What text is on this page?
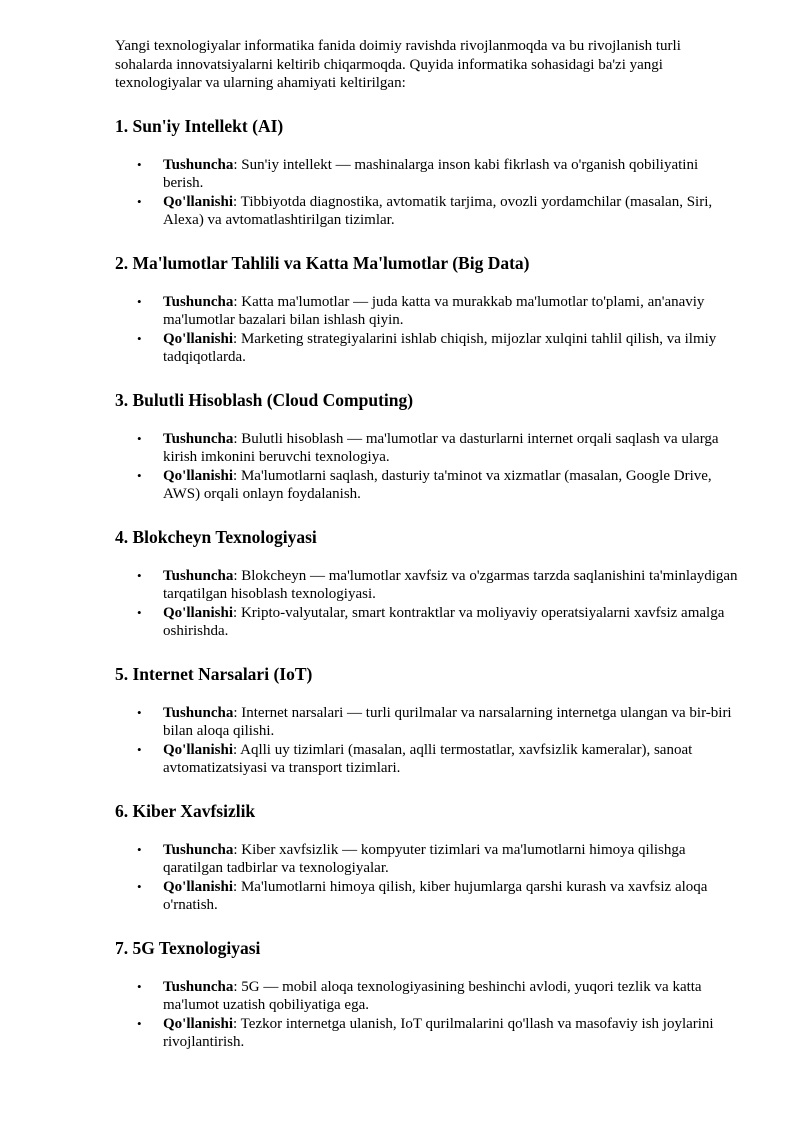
Yangi texnologiyalar informatika fanida doimiy ravishda rivojlanmoqda va bu rivojlanish turli sohalarda innovatsiyalarni keltirib chiqarmoqda. Quyida informatika sohasidagi ba'zi yangi texnologiyalar va ularning ahamiyati keltirilgan:

1. Sun'iy Intellekt (AI)
• Tushuncha: Sun'iy intellekt — mashinalarga inson kabi fikrlash va o'rganish qobiliyatini berish.
• Qo'llanishi: Tibbiyotda diagnostika, avtomatik tarjima, ovozli yordamchilar (masalan, Siri, Alexa) va avtomatlashtirilgan tizimlar.
2. Ma'lumotlar Tahlili va Katta Ma'lumotlar (Big Data)
• Tushuncha: Katta ma'lumotlar — juda katta va murakkab ma'lumotlar to'plami, an'anaviy ma'lumotlar bazalari bilan ishlash qiyin.
• Qo'llanishi: Marketing strategiyalarini ishlab chiqish, mijozlar xulqini tahlil qilish, va ilmiy tadqiqotlarda.
3. Bulutli Hisoblash (Cloud Computing)
• Tushuncha: Bulutli hisoblash — ma'lumotlar va dasturlarni internet orqali saqlash va ularga kirish imkonini beruvchi texnologiya.
• Qo'llanishi: Ma'lumotlarni saqlash, dasturiy ta'minot va xizmatlar (masalan, Google Drive, AWS) orqali onlayn foydalanish.
4. Blokcheyn Texnologiyasi
• Tushuncha: Blokcheyn — ma'lumotlar xavfsiz va o'zgarmas tarzda saqlanishini ta'minlaydigan tarqatilgan hisoblash texnologiyasi.
• Qo'llanishi: Kripto-valyutalar, smart kontraktlar va moliyaviy operatsiyalarni xavfsiz amalga oshirishda.
5. Internet Narsalari (IoT)
• Tushuncha: Internet narsalari — turli qurilmalar va narsalarning internetga ulangan va bir-biri bilan aloqa qilishi.
• Qo'llanishi: Aqlli uy tizimlari (masalan, aqlli termostatlar, xavfsizlik kameralar), sanoat avtomatizatsiyasi va transport tizimlari.
6. Kiber Xavfsizlik
• Tushuncha: Kiber xavfsizlik — kompyuter tizimlari va ma'lumotlarni himoya qilishga qaratilgan tadbirlar va texnologiyalar.
• Qo'llanishi: Ma'lumotlarni himoya qilish, kiber hujumlarga qarshi kurash va xavfsiz aloqa o'rnatish.
7. 5G Texnologiyasi
• Tushuncha: 5G — mobil aloqa texnologiyasining beshinchi avlodi, yuqori tezlik va katta ma'lumot uzatish qobiliyatiga ega.
• Qo'llanishi: Tezkor internetga ulanish, IoT qurilmalarini qo'llash va masofaviy ish joylarini rivojlantirish.
